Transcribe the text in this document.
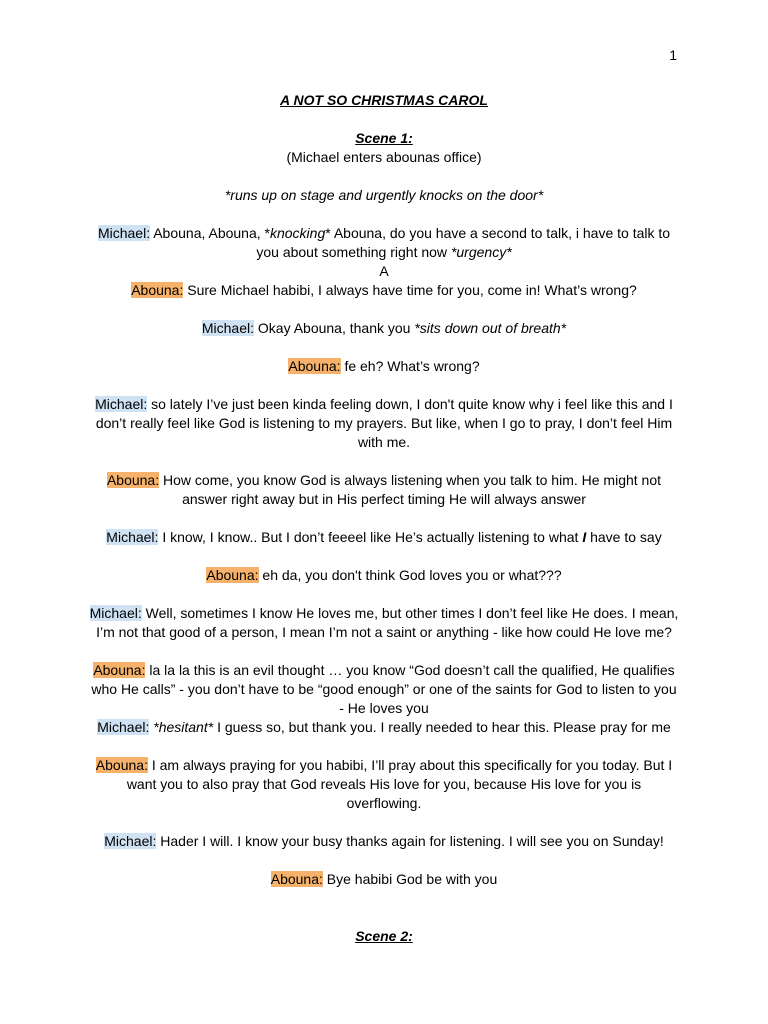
1

A NOT SO CHRISTMAS CAROL

Scene 1:

(Michael enters abounas office)

*runs up on stage and urgently knocks on the door*

Michael: Abouna, Abouna, *knocking* Abouna, do you have a second to talk, i have to talk to you about something right now *urgency*

A

Abouna: Sure Michael habibi, I always have time for you, come in! What’s wrong?

Michael: Okay Abouna, thank you *sits down out of breath*

Abouna: fe eh? What’s wrong?

Michael: so lately I’ve just been kinda feeling down, I don't quite know why i feel like this and I don’t really feel like God is listening to my prayers. But like, when I go to pray, I don’t feel Him with me.

Abouna: How come, you know God is always listening when you talk to him. He might not answer right away but in His perfect timing He will always answer

Michael: I know, I know.. But I don’t feeeel like He’s actually listening to what I have to say

Abouna: eh da, you don't think God loves you or what???

Michael: Well, sometimes I know He loves me, but other times I don’t feel like He does. I mean, I’m not that good of a person, I mean I’m not a saint or anything - like how could He love me?

Abouna: la la la this is an evil thought … you know “God doesn’t call the qualified, He qualifies who He calls” - you don’t have to be “good enough” or one of the saints for God to listen to you - He loves you

Michael: *hesitant* I guess so, but thank you. I really needed to hear this. Please pray for me

Abouna: I am always praying for you habibi, I’ll pray about this specifically for you today. But I want you to also pray that God reveals His love for you, because His love for you is overflowing.

Michael: Hader I will. I know your busy thanks again for listening. I will see you on Sunday!

Abouna: Bye habibi God be with you

Scene 2:
